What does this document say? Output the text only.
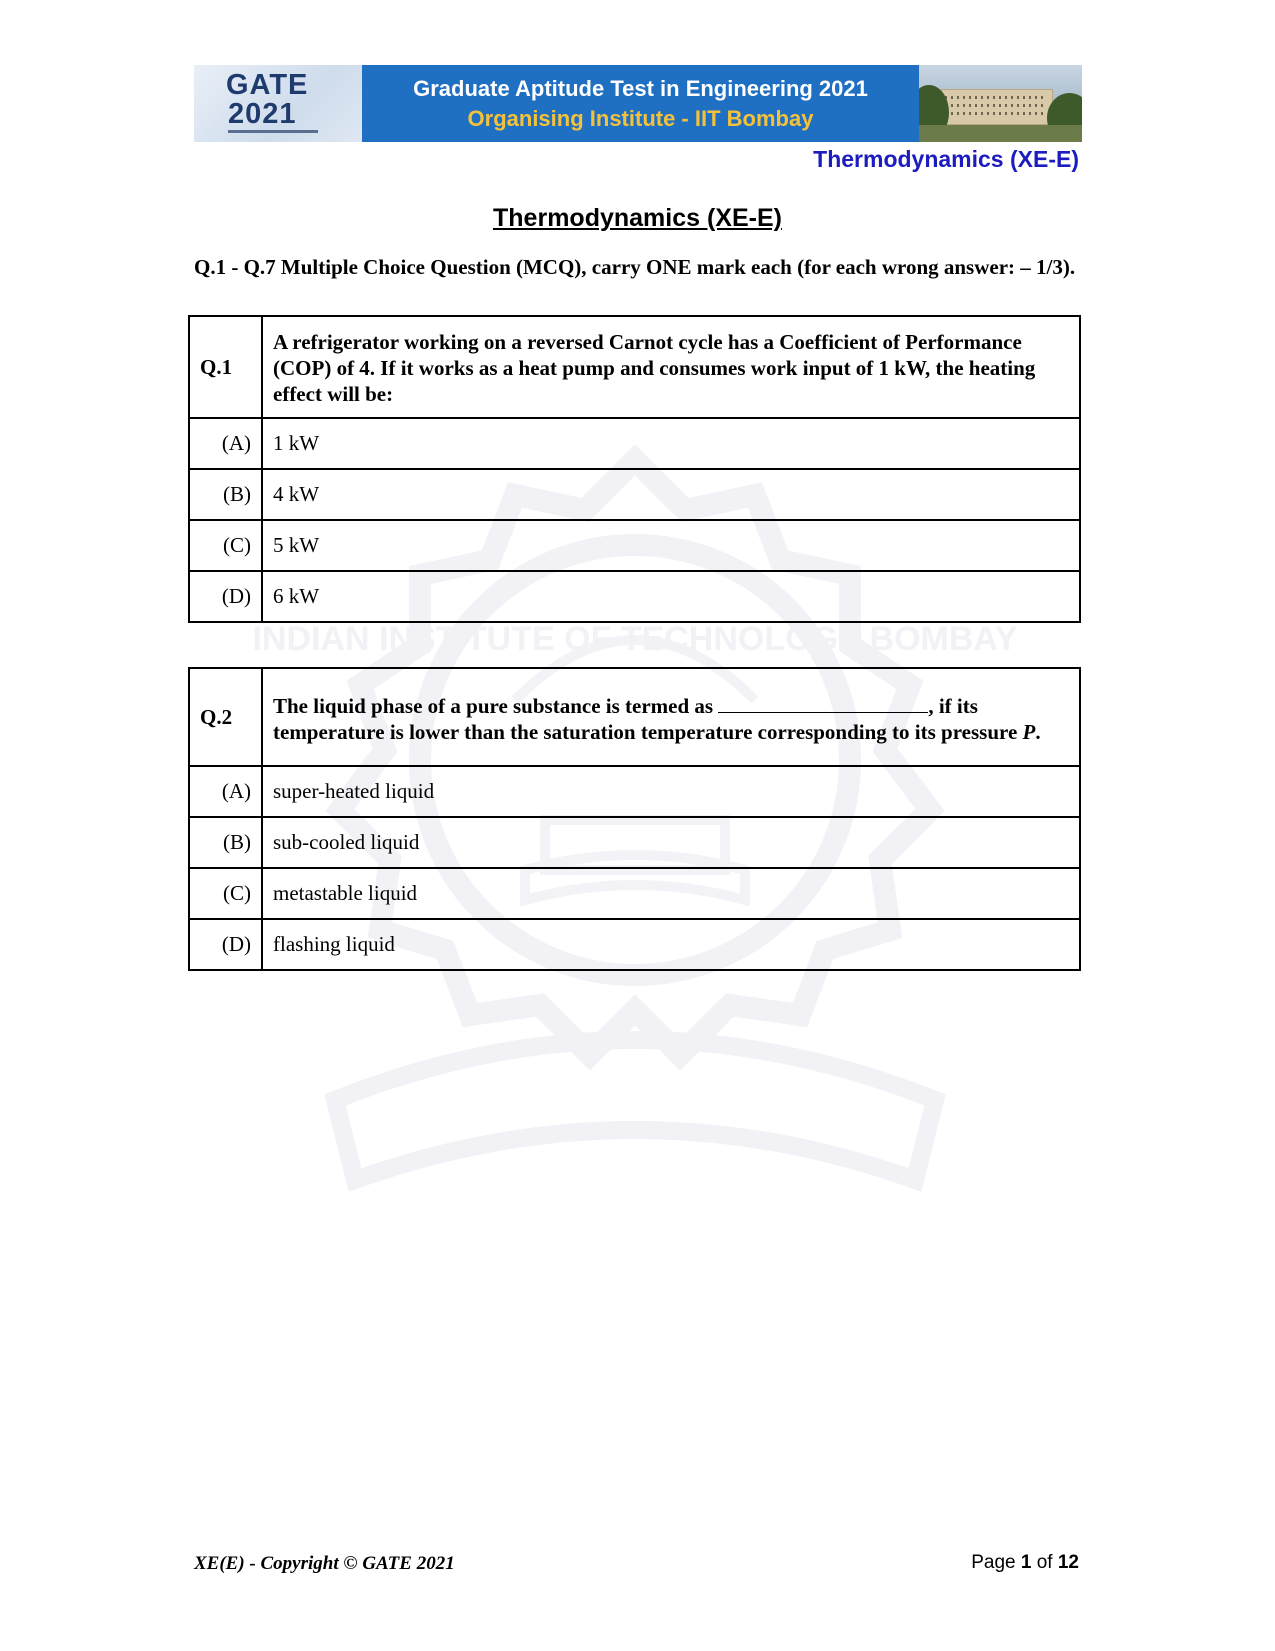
INDIAN INSTITUTE OF TECHNOLOGY BOMBAY
GATE
2021
Graduate Aptitude Test in Engineering 2021
Organising Institute - IIT Bombay
Thermodynamics (XE-E)
Thermodynamics (XE-E)
Q.1 - Q.7 Multiple Choice Question (MCQ), carry ONE mark each (for each wrong answer: – 1/3).
Q.1	A refrigerator working on a reversed Carnot cycle has a Coefficient of Performance (COP) of 4. If it works as a heat pump and consumes work input of 1 kW, the heating effect will be:
(A)	1 kW
(B)	4 kW
(C)	5 kW
(D)	6 kW
Q.2	The liquid phase of a pure substance is termed as , if its temperature is lower than the saturation temperature corresponding to its pressure P.
(A)	super-heated liquid
(B)	sub-cooled liquid
(C)	metastable liquid
(D)	flashing liquid
XE(E) - Copyright © GATE 2021	Page 1 of 12
